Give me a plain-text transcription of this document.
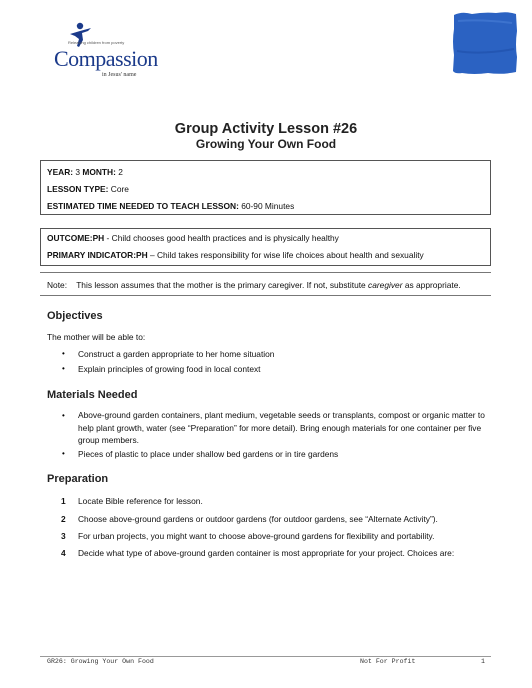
Releasing children from poverty
Compassion
in Jesus' name
Group Activity Lesson #26
Growing Your Own Food
YEAR: 3 MONTH: 2
LESSON TYPE: Core
ESTIMATED TIME NEEDED TO TEACH LESSON: 60-90 Minutes
OUTCOME:PH - Child chooses good health practices and is physically healthy
PRIMARY INDICATOR:PH – Child takes responsibility for wise life choices about health and sexuality
Note: This lesson assumes that the mother is the primary caregiver. If not, substitute caregiver as appropriate.
Objectives
The mother will be able to:
• Construct a garden appropriate to her home situation
• Explain principles of growing food in local context
Materials Needed
• Above-ground garden containers, plant medium, vegetable seeds or transplants, compost or organic matter to help plant growth, water (see “Preparation” for more detail). Bring enough materials for one container per five group members.
• Pieces of plastic to place under shallow bed gardens or in tire gardens
Preparation
1 Locate Bible reference for lesson.
2 Choose above-ground gardens or outdoor gardens (for outdoor gardens, see “Alternate Activity”).
3 For urban projects, you might want to choose above-ground gardens for flexibility and portability.
4 Decide what type of above-ground garden container is most appropriate for your project. Choices are:
GR26: Growing Your Own Food	Not For Profit	1
